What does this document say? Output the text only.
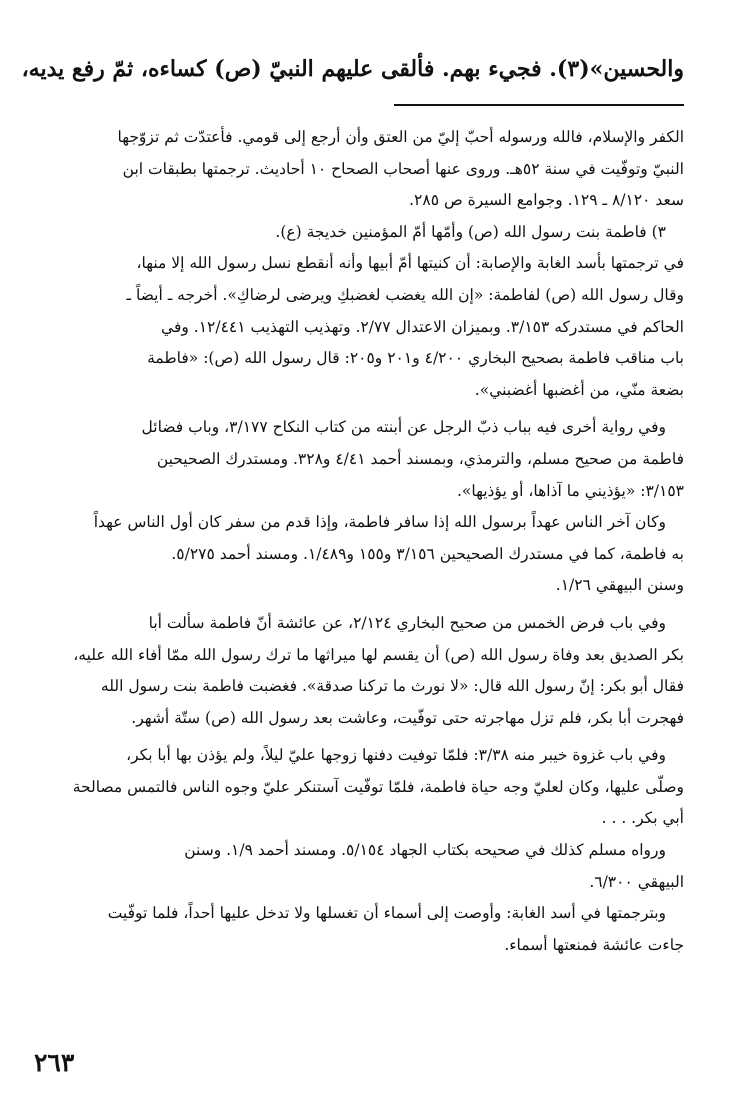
والحسين»(٣). فجيء بهم. فألقى عليهم النبيّ (ص) كساءه، ثمّ رفع يديه،
الكفر والإسلام، فالله ورسوله أحبّ إليّ من العتق وأن أرجع إلى قومي. فأعتدّت ثم تزوّجها
النبيّ وتوفّيت في سنة ٥٢هـ. وروى عنها أصحاب الصحاح ١٠ أحاديث. ترجمتها بطبقات ابن
سعد ٨/١٢٠ ـ ١٢٩. وجوامع السيرة ص ٢٨٥.
٣) فاطمة بنت رسول الله (ص) وأمّها أمّ المؤمنين خديجة (ع).
في ترجمتها بأسد الغابة والإصابة: أن كنيتها أمّ أبيها وأنه أنقطع نسل رسول الله إلا منها،
وقال رسول الله (ص) لفاطمة: «إن الله يغضب لغضبكِ ويرضى لرضاكِ». أخرجه ـ أيضاً ـ
الحاكم في مستدركه ٣/١٥٣. وبميزان الاعتدال ٢/٧٧. وتهذيب التهذيب ١٢/٤٤١. وفي
باب مناقب فاطمة بصحيح البخاري ٤/٢٠٠ و٢٠١ و٢٠٥: قال رسول الله (ص): «فاطمة
بضعة منّي، من أغضبها أغضبني».
وفي رواية أخرى فيه بباب ذبّ الرجل عن أبنته من كتاب النكاح ٣/١٧٧، وباب فضائل
فاطمة من صحيح مسلم، والترمذي، وبمسند أحمد ٤/٤١ و٣٢٨. ومستدرك الصحيحين
٣/١٥٣: «يؤذيني ما آذاها، أو يؤذيها».
وكان آخر الناس عهداً برسول الله إذا سافر فاطمة، وإذا قدم من سفر كان أول الناس عهداً
به فاطمة، كما في مستدرك الصحيحين ٣/١٥٦ و١٥٥ و١/٤٨٩. ومسند أحمد ٥/٢٧٥.
وسنن البيهقي ١/٢٦.
وفي باب فرض الخمس من صحيح البخاري ٢/١٢٤، عن عائشة أنّ فاطمة سألت أبا
بكر الصديق بعد وفاة رسول الله (ص) أن يقسم لها ميراثها ما ترك رسول الله ممّا أفاء الله عليه،
فقال أبو بكر: إنّ رسول الله قال: «لا نورث ما تركنا صدقة». فغضبت فاطمة بنت رسول الله
فهجرت أبا بكر، فلم تزل مهاجرته حتى توفّيت، وعاشت بعد رسول الله (ص) ستّة أشهر.
وفي باب غزوة خيبر منه ٣/٣٨: فلمّا توفيت دفنها زوجها عليّ ليلاً، ولم يؤذن بها أبا بكر،
وصلّى عليها، وكان لعليّ وجه حياة فاطمة، فلمّا توفّيت آستنكر عليّ وجوه الناس فالتمس مصالحة
أبي بكر. . . .
ورواه مسلم كذلك في صحيحه بكتاب الجهاد ٥/١٥٤. ومسند أحمد ١/٩. وسنن
البيهقي ٦/٣٠٠.
وبترجمتها في أسد الغابة: وأوصت إلى أسماء أن تغسلها ولا تدخل عليها أحداً، فلما توفّيت
جاءت عائشة فمنعتها أسماء.
٢٦٣
